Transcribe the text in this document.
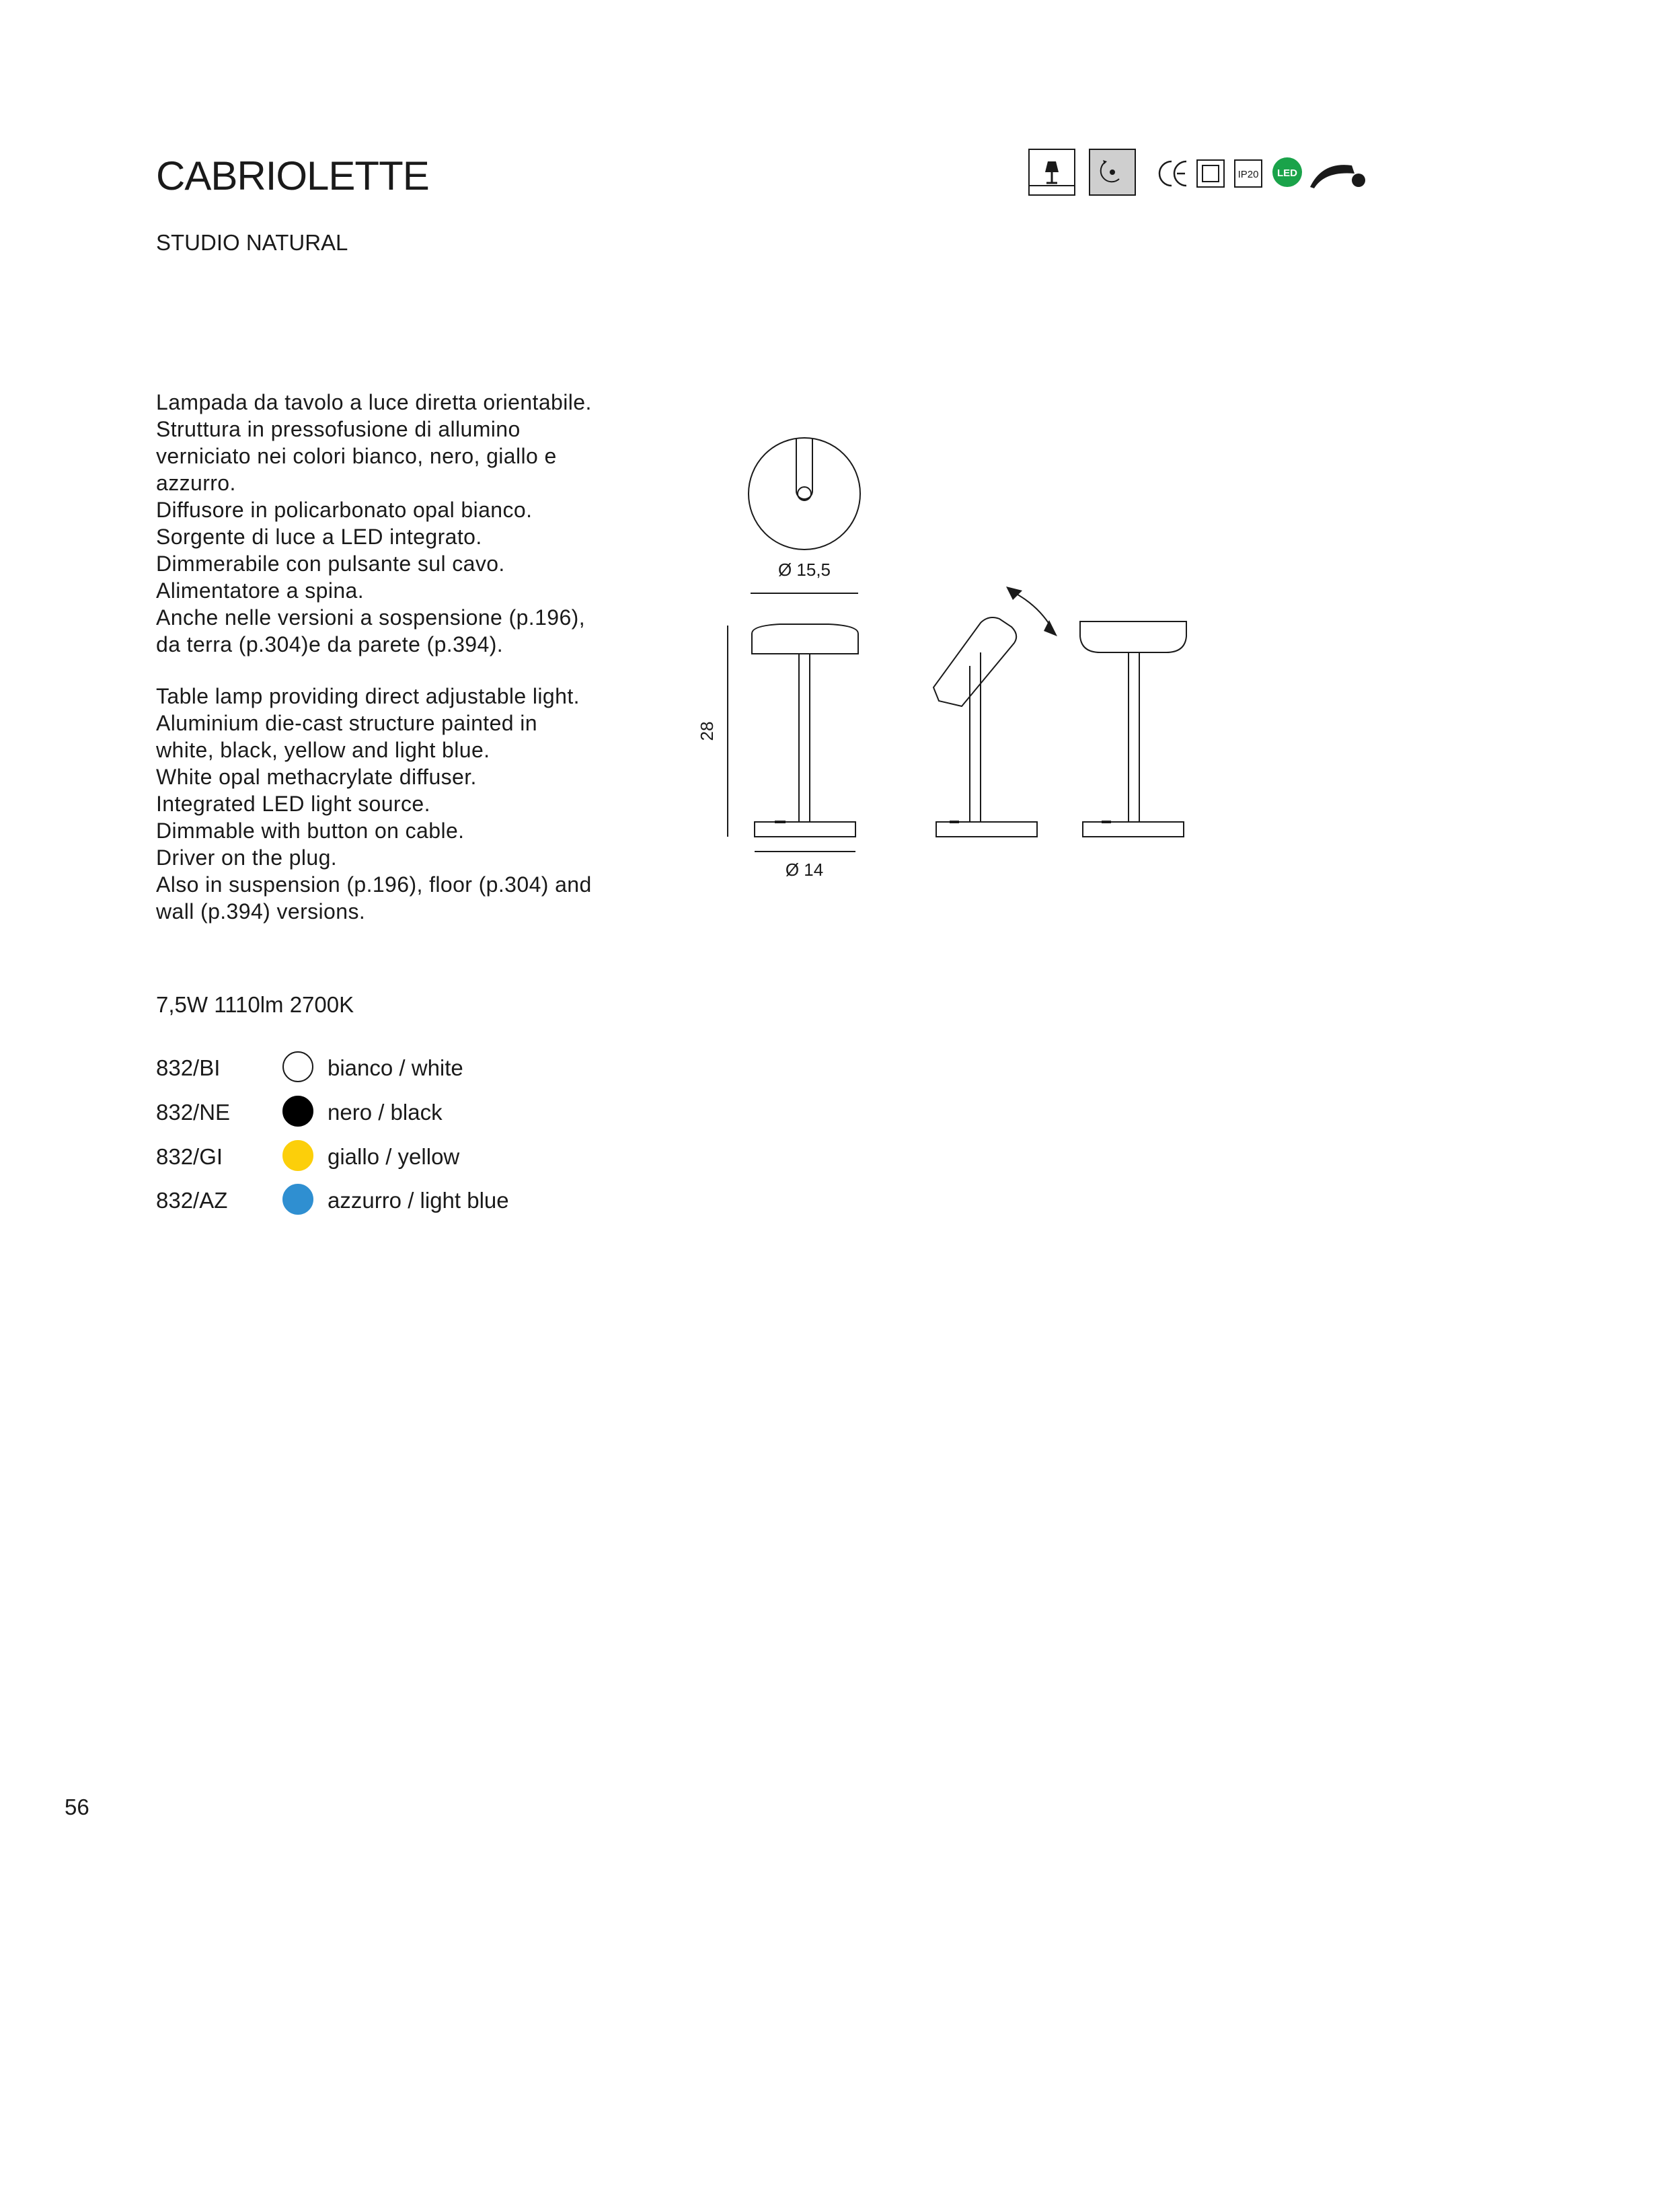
CABRIOLETTE
STUDIO NATURAL
IP20 LED
Lampada da tavolo a luce diretta orientabile.
Struttura in pressofusione di allumino
verniciato nei colori bianco, nero, giallo e
azzurro.
Diffusore in policarbonato opal bianco.
Sorgente di luce a LED integrato.
Dimmerabile con pulsante sul cavo.
Alimentatore a spina.
Anche nelle versioni a sospensione (p.196),
da terra (p.304)e da parete (p.394).
Table lamp providing direct adjustable light.
Aluminium die-cast structure painted in
white, black, yellow and light blue.
White opal methacrylate diffuser.
Integrated LED light source.
Dimmable with button on cable.
Driver on the plug.
Also in suspension (p.196), floor (p.304) and
wall (p.394) versions.
Ø 15,5
Ø 14
28
7,5W 1110lm 2700K
832/BI	bianco / white
832/NE	nero / black
832/GI	giallo / yellow
832/AZ	azzurro / light blue
56
